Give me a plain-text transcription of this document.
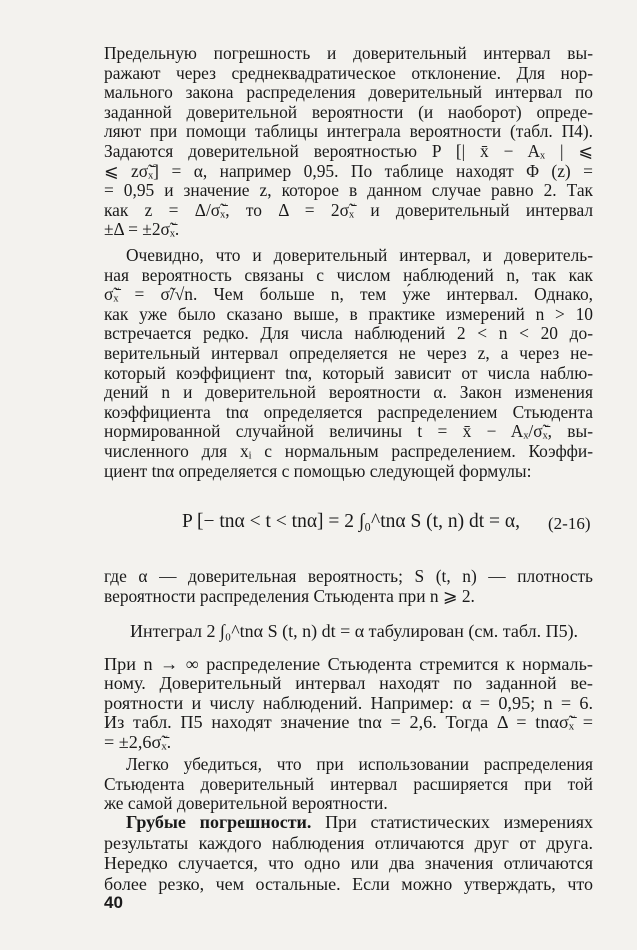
Предельную погрешность и доверительный интервал вы-

ражают через среднеквадратическое отклонение. Для нор-

мального закона распределения доверительный интервал по

заданной доверительной вероятности (и наоборот) опреде-

ляют при помощи таблицы интеграла вероятности (табл. П4).

Задаются доверительной вероятностью P [| x̄ − Aₓ | ⩽

⩽ zσ̃ₓ̄] = α, например 0,95. По таблице находят Φ (z) =

= 0,95 и значение z, которое в данном случае равно 2. Так

как z = Δ/σ̃ₓ̄, то Δ = 2σ̃ₓ̄ и доверительный интервал

±Δ = ±2σ̃ₓ̄.

Очевидно, что и доверительный интервал, и доверитель-

ная вероятность связаны с числом наблюдений n, так как

σ̃ₓ̄ = σ̃/√n. Чем больше n, тем у́же интервал. Однако,

как уже было сказано выше, в практике измерений n > 10

встречается редко. Для числа наблюдений 2 < n < 20 до-

верительный интервал определяется не через z, а через не-

который коэффициент tnα, который зависит от числа наблю-

дений n и доверительной вероятности α. Закон изменения

коэффициента tnα определяется распределением Стьюдента

нормированной случайной величины t = x̄ − Aₓ/σ̃ₓ̄, вы-

численного для xᵢ с нормальным распределением. Коэффи-

циент tnα определяется с помощью следующей формулы:

P [− tnα < t < tnα] = 2 ∫₀^tnα S (t, n) dt = α, (2-16)

где α — доверительная вероятность; S (t, n) — плотность

вероятности распределения Стьюдента при n ⩾ 2.

Интеграл 2 ∫₀^tnα S (t, n) dt = α табулирован (см. табл. П5).

При n → ∞ распределение Стьюдента стремится к нормаль-

ному. Доверительный интервал находят по заданной ве-

роятности и числу наблюдений. Например: α = 0,95; n = 6.

Из табл. П5 находят значение tnα = 2,6. Тогда Δ = tnασ̃ₓ̄ =

= ±2,6σ̃ₓ̄.

Легко убедиться, что при использовании распределения

Стьюдента доверительный интервал расширяется при той

же самой доверительной вероятности.

Грубые погрешности. При статистических измерениях

результаты каждого наблюдения отличаются друг от друга.

Нередко случается, что одно или два значения отличаются

более резко, чем остальные. Если можно утверждать, что

40
